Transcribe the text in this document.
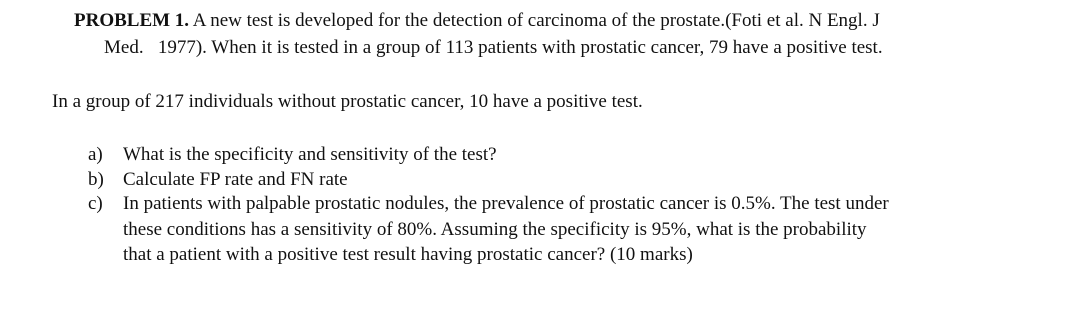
PROBLEM 1. A new test is developed for the detection of carcinoma of the prostate.(Foti et al. N Engl. J
Med.   1977). When it is tested in a group of 113 patients with prostatic cancer, 79 have a positive test.
In a group of 217 individuals without prostatic cancer, 10 have a positive test.
a) What is the specificity and sensitivity of the test?
b) Calculate FP rate and FN rate
c) In patients with palpable prostatic nodules, the prevalence of prostatic cancer is 0.5%. The test under
these conditions has a sensitivity of 80%. Assuming the specificity is 95%, what is the probability
that a patient with a positive test result having prostatic cancer? (10 marks)
